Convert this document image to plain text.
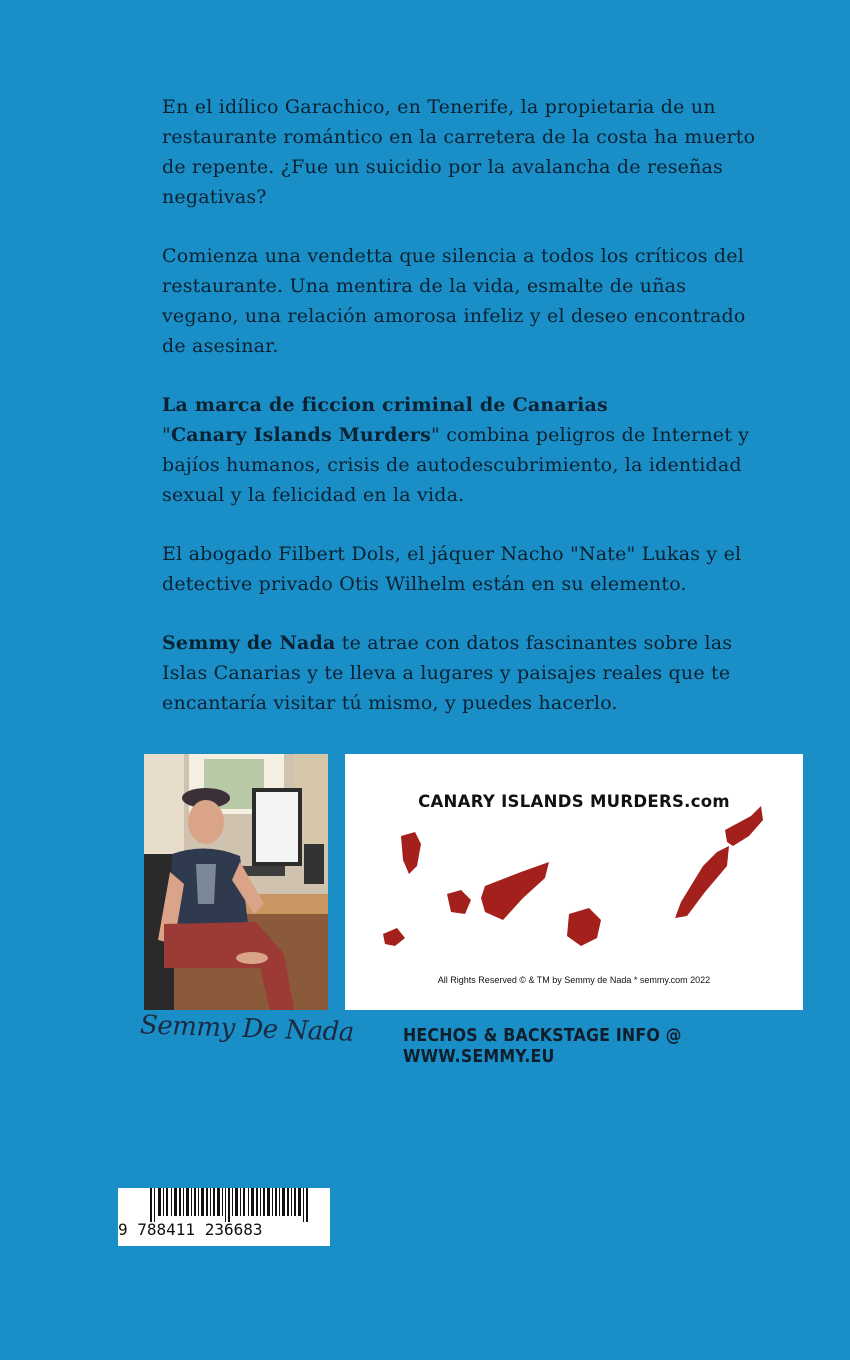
En el idílico Garachico, en Tenerife, la propietaria de un restaurante romántico en la carretera de la costa ha muerto de repente. ¿Fue un suicidio por la avalancha de reseñas negativas?

Comienza una vendetta que silencia a todos los críticos del restaurante. Una mentira de la vida, esmalte de uñas vegano, una relación amorosa infeliz y el deseo encontrado de asesinar.

La marca de ficcion criminal de Canarias
"Canary Islands Murders" combina peligros de Internet y bajíos humanos, crisis de autodescubrimiento, la identidad sexual y la felicidad en la vida.

El abogado Filbert Dols, el jáquer Nacho "Nate" Lukas y el detective privado Otis Wilhelm están en su elemento.

Semmy de Nada te atrae con datos fascinantes sobre las Islas Canarias y te lleva a lugares y paisajes reales que te encantaría visitar tú mismo, y puedes hacerlo.

CANARY ISLANDS MURDERS.com
All Rights Reserved © & TM by Semmy de Nada * semmy.com 2022
Semmy De Nada	HECHOS & BACKSTAGE INFO @ WWW.SEMMY.EU
9 788411 236683
